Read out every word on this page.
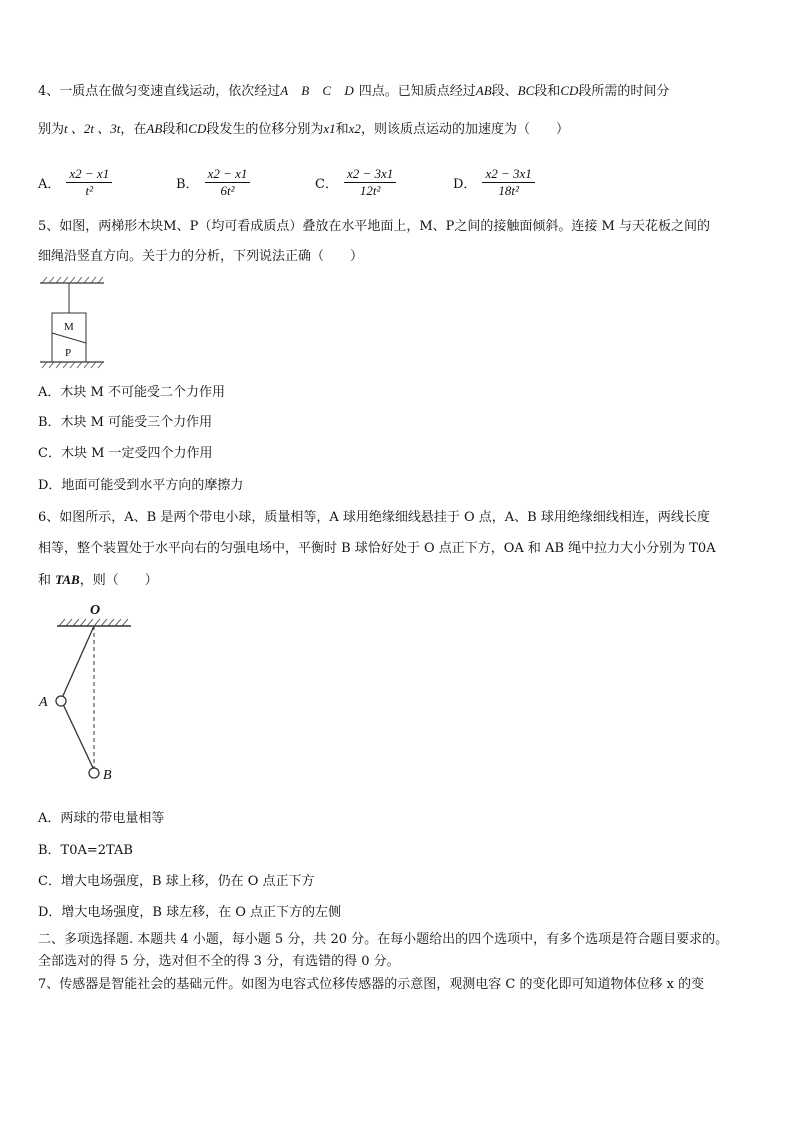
4、一质点在做匀变速直线运动，依次经过A B C D四点。已知质点经过AB段、BC段和CD段所需的时间分
别为t 、2t 、3t，在AB段和CD段发生的位移分别为x1和x2，则该质点运动的加速度为（　　）
A． $\frac{x2 - x1}{\text{t²}}$	B． $\frac{x2 - x1}{\text{6t²}}$	C． $\frac{x2 - 3x1}{\text{12t²}}$	D． $\frac{x2 - 3x1}{\text{18t²}}$
5、如图，两梯形木块M、P（均可看成质点）叠放在水平地面上，M、P之间的接触面倾斜。连接 M 与天花板之间的
细绳沿竖直方向。关于力的分析，下列说法正确（　　）
M
P
A．木块 M 不可能受二个力作用
B．木块 M 可能受三个力作用
C．木块 M 一定受四个力作用
D．地面可能受到水平方向的摩擦力
6、如图所示，A、B 是两个带电小球，质量相等，A 球用绝缘细线悬挂于 O 点，A、B 球用绝缘细线相连，两线长度
相等，整个装置处于水平向右的匀强电场中，平衡时 B 球恰好处于 O 点正下方，OA 和 AB 绳中拉力大小分别为 T0A
和 TAB，则（　　）
O
A
B
A．两球的带电量相等
B．T0A=2TAB
C．增大电场强度，B 球上移，仍在 O 点正下方
D．增大电场强度，B 球左移，在 O 点正下方的左侧
二、多项选择题. 本题共 4 小题，每小题 5 分，共 20 分。在每小题给出的四个选项中，有多个选项是符合题目要求的。
全部选对的得 5 分，选对但不全的得 3 分，有选错的得 0 分。
7、传感器是智能社会的基础元件。如图为电容式位移传感器的示意图，观测电容 C 的变化即可知道物体位移 x 的变
